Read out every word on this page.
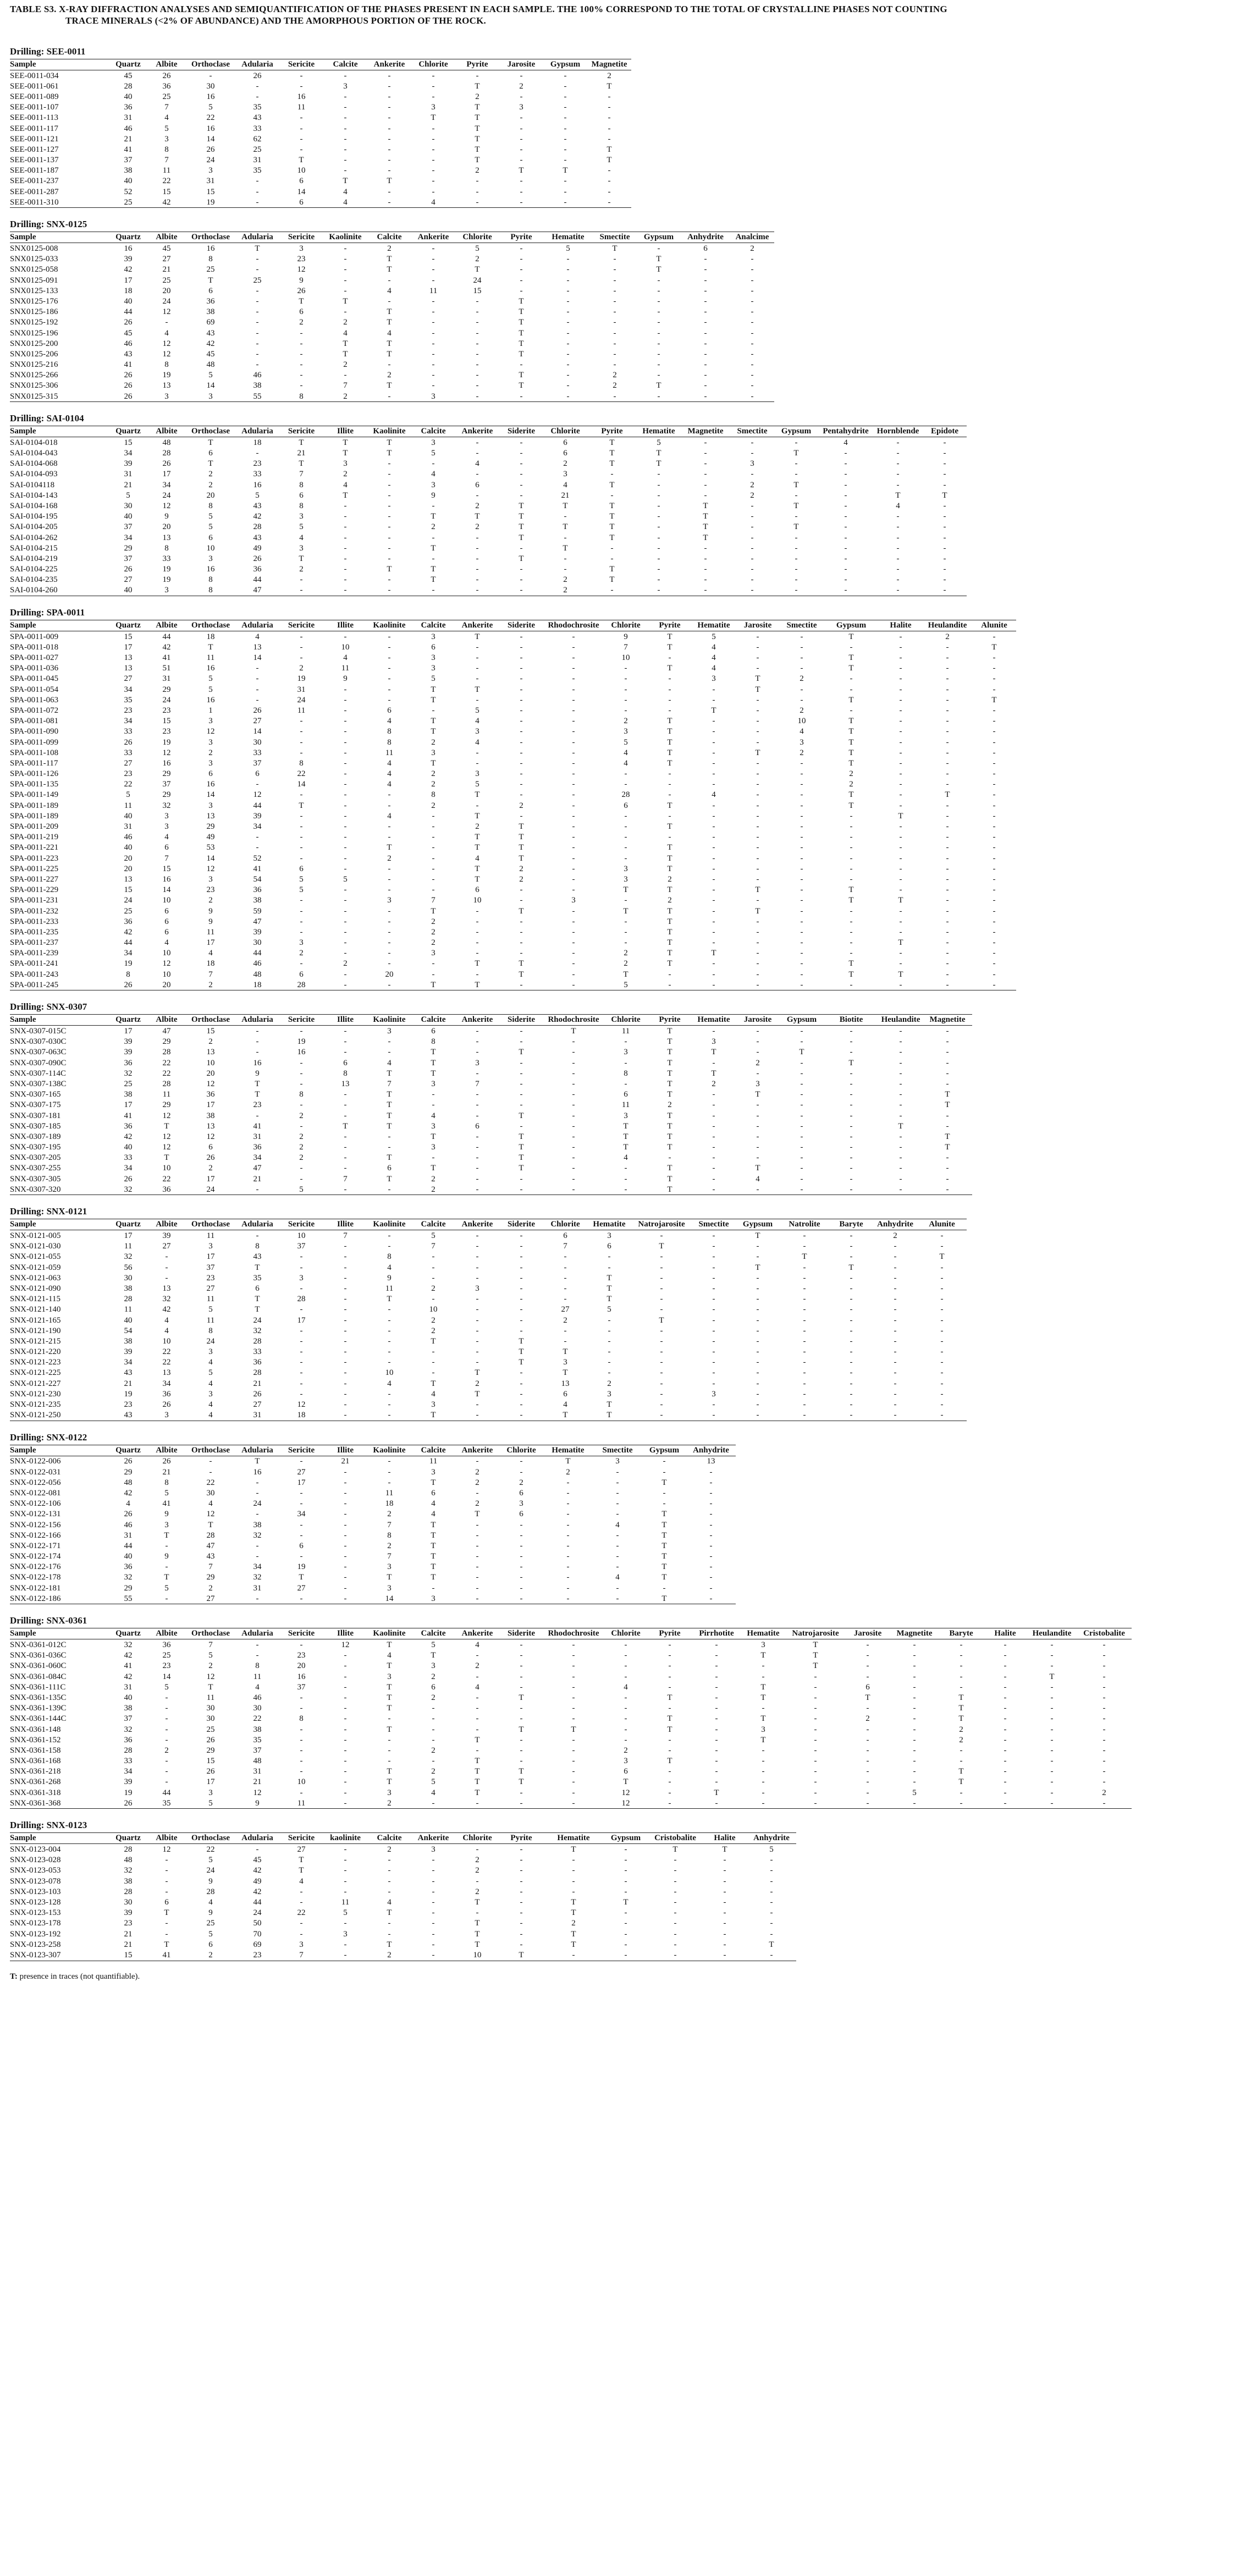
TABLE S3. X-RAY DIFFRACTION ANALYSES AND SEMIQUANTIFICATION OF THE PHASES PRESENT IN EACH SAMPLE. THE 100% CORRESPOND TO THE TOTAL OF CRYSTALLINE PHASES NOT COUNTING
TRACE MINERALS (<2% OF ABUNDANCE) AND THE AMORPHOUS PORTION OF THE ROCK.
Drilling: SEE-0011
Sample	Quartz	Albite	Orthoclase	Adularia	Sericite	Calcite	Ankerite	Chlorite	Pyrite	Jarosite	Gypsum	Magnetite
SEE-0011-034	45	26	-	26	-	-	-	-	-	-	-	2
SEE-0011-061	28	36	30	-	-	3	-	-	T	2	-	T
SEE-0011-089	40	25	16	-	16	-	-	-	2	-	-	-
SEE-0011-107	36	7	5	35	11	-	-	3	T	3	-	-
SEE-0011-113	31	4	22	43	-	-	-	T	T	-	-	-
SEE-0011-117	46	5	16	33	-	-	-	-	T	-	-	-
SEE-0011-121	21	3	14	62	-	-	-	-	T	-	-	-
SEE-0011-127	41	8	26	25	-	-	-	-	T	-	-	T
SEE-0011-137	37	7	24	31	T	-	-	-	T	-	-	T
SEE-0011-187	38	11	3	35	10	-	-	-	2	T	T	-
SEE-0011-237	40	22	31	-	6	T	T	-	-	-	-	-
SEE-0011-287	52	15	15	-	14	4	-	-	-	-	-	-
SEE-0011-310	25	42	19	-	6	4	-	4	-	-	-	-
Drilling: SNX-0125
Sample	Quartz	Albite	Orthoclase	Adularia	Sericite	Kaolinite	Calcite	Ankerite	Chlorite	Pyrite	Hematite	Smectite	Gypsum	Anhydrite	Analcime
SNX0125-008	16	45	16	T	3	-	2	-	5	-	5	T	-	6	2
SNX0125-033	39	27	8	-	23	-	T	-	2	-	-	-	T	-	-
SNX0125-058	42	21	25	-	12	-	T	-	T	-	-	-	T	-	-
SNX0125-091	17	25	T	25	9	-	-	-	24	-	-	-	-	-	-
SNX0125-133	18	20	6	-	26	-	4	11	15	-	-	-	-	-	-
SNX0125-176	40	24	36	-	T	T	-	-	-	T	-	-	-	-	-
SNX0125-186	44	12	38	-	6	-	T	-	-	T	-	-	-	-	-
SNX0125-192	26	-	69	-	2	2	T	-	-	T	-	-	-	-	-
SNX0125-196	45	4	43	-	-	4	4	-	-	T	-	-	-	-	-
SNX0125-200	46	12	42	-	-	T	T	-	-	T	-	-	-	-	-
SNX0125-206	43	12	45	-	-	T	T	-	-	T	-	-	-	-	-
SNX0125-216	41	8	48	-	-	2	-	-	-	-	-	-	-	-	-
SNX0125-266	26	19	5	46	-	-	2	-	-	T	-	2	-	-	-
SNX0125-306	26	13	14	38	-	7	T	-	-	T	-	2	T	-	-
SNX0125-315	26	3	3	55	8	2	-	3	-	-	-	-	-	-	-
Drilling: SAI-0104
Sample	Quartz	Albite	Orthoclase	Adularia	Sericite	Illite	Kaolinite	Calcite	Ankerite	Siderite	Chlorite	Pyrite	Hematite	Magnetite	Smectite	Gypsum	Pentahydrite	Hornblende	Epidote
SAI-0104-018	15	48	T	18	T	T	T	3	-	-	6	T	5	-	-	-	4	-	-
SAI-0104-043	34	28	6	-	21	T	T	5	-	-	6	T	T	-	-	T	-	-	-
SAI-0104-068	39	26	T	23	T	3	-	-	4	-	2	T	T	-	3	-	-	-	-
SAI-0104-093	31	17	2	33	7	2	-	4	-	-	3	-	-	-	-	-	-	-	-
SAI-0104118	21	34	2	16	8	4	-	3	6	-	4	T	-	-	2	T	-	-	-
SAI-0104-143	5	24	20	5	6	T	-	9	-	-	21	-	-	-	2	-	-	T	T
SAI-0104-168	30	12	8	43	8	-	-	-	2	T	T	T	-	T	-	T	-	4	-
SAI-0104-195	40	9	5	42	3	-	-	T	T	T	-	T	-	T	-	-	-	-	-
SAI-0104-205	37	20	5	28	5	-	-	2	2	T	T	T	-	T	-	T	-	-	-
SAI-0104-262	34	13	6	43	4	-	-	-	-	T	-	T	-	T	-	-	-	-	-
SAI-0104-215	29	8	10	49	3	-	-	T	-	-	T	-	-	-	-	-	-	-	-
SAI-0104-219	37	33	3	26	T	-	-	-	-	T	-	-	-	-	-	-	-	-	-
SAI-0104-225	26	19	16	36	2	-	T	T	-	-	-	T	-	-	-	-	-	-	-
SAI-0104-235	27	19	8	44	-	-	-	T	-	-	2	T	-	-	-	-	-	-	-
SAI-0104-260	40	3	8	47	-	-	-	-	-	-	2	-	-	-	-	-	-	-	-
Drilling: SPA-0011
Sample	Quartz	Albite	Orthoclase	Adularia	Sericite	Illite	Kaolinite	Calcite	Ankerite	Siderite	Rhodochrosite	Chlorite	Pyrite	Hematite	Jarosite	Smectite	Gypsum	Halite	Heulandite	Alunite
SPA-0011-009	15	44	18	4	-	-	-	3	T	-	-	9	T	5	-	-	T	-	2	-
SPA-0011-018	17	42	T	13	-	10	-	6	-	-	-	7	T	4	-	-	-	-	-	T
SPA-0011-027	13	41	11	14	-	4	-	3	-	-	-	10	-	4	-	-	T	-	-	-
SPA-0011-036	13	51	16	-	2	11	-	3	-	-	-	-	T	4	-	-	T	-	-	-
SPA-0011-045	27	31	5	-	19	9	-	5	-	-	-	-	-	3	T	2	-	-	-	-
SPA-0011-054	34	29	5	-	31	-	-	T	T	-	-	-	-	-	T	-	-	-	-	-
SPA-0011-063	35	24	16	-	24	-	-	T	-	-	-	-	-	-	-	-	T	-	-	T
SPA-0011-072	23	23	1	26	11	-	6	-	5	-	-	-	-	T	-	2	-	-	-	-
SPA-0011-081	34	15	3	27	-	-	4	T	4	-	-	2	T	-	-	10	T	-	-	-
SPA-0011-090	33	23	12	14	-	-	8	T	3	-	-	3	T	-	-	4	T	-	-	-
SPA-0011-099	26	19	3	30	-	-	8	2	4	-	-	5	T	-	-	3	T	-	-	-
SPA-0011-108	33	12	2	33	-	-	11	3	-	-	-	4	T	-	T	2	T	-	-	-
SPA-0011-117	27	16	3	37	8	-	4	T	-	-	-	4	T	-	-	-	T	-	-	-
SPA-0011-126	23	29	6	6	22	-	4	2	3	-	-	-	-	-	-	-	2	-	-	-
SPA-0011-135	22	37	16	-	14	-	4	2	5	-	-	-	-	-	-	-	2	-	-	-
SPA-0011-149	5	29	14	12	-	-	-	8	T	-	-	28	-	4	-	-	T	-	T	-
SPA-0011-189	11	32	3	44	T	-	-	2	-	2	-	6	T	-	-	-	T	-	-	-
SPA-0011-189	40	3	13	39	-	-	4	-	T	-	-	-	-	-	-	-	-	T	-	-
SPA-0011-209	31	3	29	34	-	-	-	-	2	T	-	-	T	-	-	-	-	-	-	-
SPA-0011-219	46	4	49	-	-	-	-	-	T	T	-	-	-	-	-	-	-	-	-	-
SPA-0011-221	40	6	53	-	-	-	T	-	T	T	-	-	T	-	-	-	-	-	-	-
SPA-0011-223	20	7	14	52	-	-	2	-	4	T	-	-	T	-	-	-	-	-	-	-
SPA-0011-225	20	15	12	41	6	-	-	-	T	2	-	3	T	-	-	-	-	-	-	-
SPA-0011-227	13	16	3	54	5	5	-	-	T	2	-	3	2	-	-	-	-	-	-	-
SPA-0011-229	15	14	23	36	5	-	-	-	6	-	-	T	T	-	T	-	T	-	-	-
SPA-0011-231	24	10	2	38	-	-	3	7	10	-	3	-	2	-	-	-	T	T	-	-
SPA-0011-232	25	6	9	59	-	-	-	T	-	T	-	T	T	-	T	-	-	-	-	-
SPA-0011-233	36	6	9	47	-	-	-	2	-	-	-	-	T	-	-	-	-	-	-	-
SPA-0011-235	42	6	11	39	-	-	-	2	-	-	-	-	T	-	-	-	-	-	-	-
SPA-0011-237	44	4	17	30	3	-	-	2	-	-	-	-	T	-	-	-	-	T	-	-
SPA-0011-239	34	10	4	44	2	-	-	3	-	-	-	2	T	T	-	-	-	-	-	-
SPA-0011-241	19	12	18	46	-	2	-	-	T	T	-	2	T	-	-	-	T	-	-	-
SPA-0011-243	8	10	7	48	6	-	20	-	-	T	-	T	-	-	-	-	T	T	-	-
SPA-0011-245	26	20	2	18	28	-	-	T	T	-	-	5	-	-	-	-	-	-	-	-
Drilling: SNX-0307
Sample	Quartz	Albite	Orthoclase	Adularia	Sericite	Illite	Kaolinite	Calcite	Ankerite	Siderite	Rhodochrosite	Chlorite	Pyrite	Hematite	Jarosite	Gypsum	Biotite	Heulandite	Magnetite
SNX-0307-015C	17	47	15	-	-	-	3	6	-	-	T	11	T	-	-	-	-	-	-
SNX-0307-030C	39	29	2	-	19	-	-	8	-	-	-	-	T	3	-	-	-	-	-
SNX-0307-063C	39	28	13	-	16	-	-	T	-	T	-	3	T	T	-	T	-	-	-
SNX-0307-090C	36	22	10	16	-	6	4	T	3	-	-	-	T	-	2	-	T	-	-
SNX-0307-114C	32	22	20	9	-	8	T	T	-	-	-	8	T	T	-	-	-	-	-
SNX-0307-138C	25	28	12	T	-	13	7	3	7	-	-	-	T	2	3	-	-	-	-
SNX-0307-165	38	11	36	T	8	-	T	-	-	-	-	6	T	-	T	-	-	-	T
SNX-0307-175	17	29	17	23	-	-	T	-	-	-	-	11	2	-	-	-	-	-	T
SNX-0307-181	41	12	38	-	2	-	T	4	-	T	-	3	T	-	-	-	-	-	-
SNX-0307-185	36	T	13	41	-	T	T	3	6	-	-	T	T	-	-	-	-	T	-
SNX-0307-189	42	12	12	31	2	-	-	T	-	T	-	T	T	-	-	-	-	-	T
SNX-0307-195	40	12	6	36	2	-	-	3	-	T	-	T	T	-	-	-	-	-	T
SNX-0307-205	33	T	26	34	2	-	T	-	-	T	-	4	-	-	-	-	-	-	-
SNX-0307-255	34	10	2	47	-	-	6	T	-	T	-	-	T	-	T	-	-	-	-
SNX-0307-305	26	22	17	21	-	7	T	2	-	-	-	-	T	-	4	-	-	-	-
SNX-0307-320	32	36	24	-	5	-	-	2	-	-	-	-	T	-	-	-	-	-	-
Drilling: SNX-0121
Sample	Quartz	Albite	Orthoclase	Adularia	Sericite	Illite	Kaolinite	Calcite	Ankerite	Siderite	Chlorite	Hematite	Natrojarosite	Smectite	Gypsum	Natrolite	Baryte	Anhydrite	Alunite
SNX-0121-005	17	39	11	-	10	7	-	5	-	-	6	3	-	-	T	-	-	2	-
SNX-0121-030	11	27	3	8	37	-	-	7	-	-	7	6	T	-	-	-	-	-	-
SNX-0121-055	32	-	17	43	-	-	8	-	-	-	-	-	-	-	-	T	-	-	T
SNX-0121-059	56	-	37	T	-	-	4	-	-	-	-	-	-	-	T	-	T	-	-
SNX-0121-063	30	-	23	35	3	-	9	-	-	-	-	T	-	-	-	-	-	-	-
SNX-0121-090	38	13	27	6	-	-	11	2	3	-	-	T	-	-	-	-	-	-	-
SNX-0121-115	28	32	11	T	28	-	T	-	-	-	-	T	-	-	-	-	-	-	-
SNX-0121-140	11	42	5	T	-	-	-	10	-	-	27	5	-	-	-	-	-	-	-
SNX-0121-165	40	4	11	24	17	-	-	2	-	-	2	-	T	-	-	-	-	-	-
SNX-0121-190	54	4	8	32	-	-	-	2	-	-	-	-	-	-	-	-	-	-	-
SNX-0121-215	38	10	24	28	-	-	-	T	-	T	-	-	-	-	-	-	-	-	-
SNX-0121-220	39	22	3	33	-	-	-	-	-	T	T	-	-	-	-	-	-	-	-
SNX-0121-223	34	22	4	36	-	-	-	-	-	T	3	-	-	-	-	-	-	-	-
SNX-0121-225	43	13	5	28	-	-	10	-	T	-	T	-	-	-	-	-	-	-	-
SNX-0121-227	21	34	4	21	-	-	4	T	2	-	13	2	-	-	-	-	-	-	-
SNX-0121-230	19	36	3	26	-	-	-	4	T	-	6	3	-	3	-	-	-	-	-
SNX-0121-235	23	26	4	27	12	-	-	3	-	-	4	T	-	-	-	-	-	-	-
SNX-0121-250	43	3	4	31	18	-	-	T	-	-	T	T	-	-	-	-	-	-	-
Drilling: SNX-0122
Sample	Quartz	Albite	Orthoclase	Adularia	Sericite	Illite	Kaolinite	Calcite	Ankerite	Chlorite	Hematite	Smectite	Gypsum	Anhydrite
SNX-0122-006	26	26	-	T	-	21	-	11	-	-	T	3	-	13
SNX-0122-031	29	21	-	16	27	-	-	3	2	-	2	-	-	-
SNX-0122-056	48	8	22	-	17	-	-	T	2	2	-	-	T	-
SNX-0122-081	42	5	30	-	-	-	11	6	-	6	-	-	-	-
SNX-0122-106	4	41	4	24	-	-	18	4	2	3	-	-	-	-
SNX-0122-131	26	9	12	-	34	-	2	4	T	6	-	-	T	-
SNX-0122-156	46	3	T	38	-	-	7	T	-	-	-	4	T	-
SNX-0122-166	31	T	28	32	-	-	8	T	-	-	-	-	T	-
SNX-0122-171	44	-	47	-	6	-	2	T	-	-	-	-	T	-
SNX-0122-174	40	9	43	-	-	-	7	T	-	-	-	-	T	-
SNX-0122-176	36	-	7	34	19	-	3	T	-	-	-	-	T	-
SNX-0122-178	32	T	29	32	T	-	T	T	-	-	-	4	T	-
SNX-0122-181	29	5	2	31	27	-	3	-	-	-	-	-	-	-
SNX-0122-186	55	-	27	-	-	-	14	3	-	-	-	-	T	-
Drilling: SNX-0361
Sample	Quartz	Albite	Orthoclase	Adularia	Sericite	Illite	Kaolinite	Calcite	Ankerite	Siderite	Rhodochrosite	Chlorite	Pyrite	Pirrhotite	Hematite	Natrojarosite	Jarosite	Magnetite	Baryte	Halite	Heulandite	Cristobalite
SNX-0361-012C	32	36	7	-	-	12	T	5	4	-	-	-	-	-	3	T	-	-	-	-	-	-
SNX-0361-036C	42	25	5	-	23	-	4	T	-	-	-	-	-	-	T	T	-	-	-	-	-	-
SNX-0361-060C	41	23	2	8	20	-	T	3	2	-	-	-	-	-	-	T	-	-	-	-	-	-
SNX-0361-084C	42	14	12	11	16	-	3	2	-	-	-	-	-	-	-	-	-	-	-	-	T	-
SNX-0361-111C	31	5	T	4	37	-	T	6	4	-	-	4	-	-	T	-	6	-	-	-	-	-
SNX-0361-135C	40	-	11	46	-	-	T	2	-	T	-	-	T	-	T	-	T	-	T	-	-	-
SNX-0361-139C	38	-	30	30	-	-	T	-	-	-	-	-	-	-	-	-	-	-	T	-	-	-
SNX-0361-144C	37	-	30	22	8	-	-	-	-	-	-	-	T	-	T	-	2	-	T	-	-	-
SNX-0361-148	32	-	25	38	-	-	T	-	-	T	T	-	T	-	3	-	-	-	2	-	-	-
SNX-0361-152	36	-	26	35	-	-	-	-	T	-	-	-	-	-	T	-	-	-	2	-	-	-
SNX-0361-158	28	2	29	37	-	-	-	2	-	-	-	2	-	-	-	-	-	-	-	-	-	-
SNX-0361-168	33	-	15	48	-	-	-	-	T	-	-	3	T	-	-	-	-	-	-	-	-	-
SNX-0361-218	34	-	26	31	-	-	T	2	T	T	-	6	-	-	-	-	-	-	T	-	-	-
SNX-0361-268	39	-	17	21	10	-	T	5	T	T	-	T	-	-	-	-	-	-	T	-	-	-
SNX-0361-318	19	44	3	12	-	-	3	4	T	-	-	12	-	T	-	-	-	5	-	-	-	2
SNX-0361-368	26	35	5	9	11	-	2	-	-	-	-	12	-	-	-	-	-	-	-	-	-	-
Drilling: SNX-0123
Sample	Quartz	Albite	Orthoclase	Adularia	Sericite	kaolinite	Calcite	Ankerite	Chlorite	Pyrite	Hematite	Gypsum	Cristobalite	Halite	Anhydrite
SNX-0123-004	28	12	22	-	27	-	2	3	-	-	T	-	T	T	5
SNX-0123-028	48	-	5	45	T	-	-	-	2	-	-	-	-	-	-
SNX-0123-053	32	-	24	42	T	-	-	-	2	-	-	-	-	-	-
SNX-0123-078	38	-	9	49	4	-	-	-	-	-	-	-	-	-	-
SNX-0123-103	28	-	28	42	-	-	-	-	2	-	-	-	-	-	-
SNX-0123-128	30	6	4	44	-	11	4	-	T	-	T	T	-	-	-
SNX-0123-153	39	T	9	24	22	5	T	-	-	-	T	-	-	-	-
SNX-0123-178	23	-	25	50	-	-	-	-	T	-	2	-	-	-	-
SNX-0123-192	21	-	5	70	-	3	-	-	T	-	T	-	-	-	-
SNX-0123-258	21	T	6	69	3	-	T	-	T	-	T	-	-	-	T
SNX-0123-307	15	41	2	23	7	-	2	-	10	T	-	-	-	-	-
T: presence in traces (not quantifiable).
